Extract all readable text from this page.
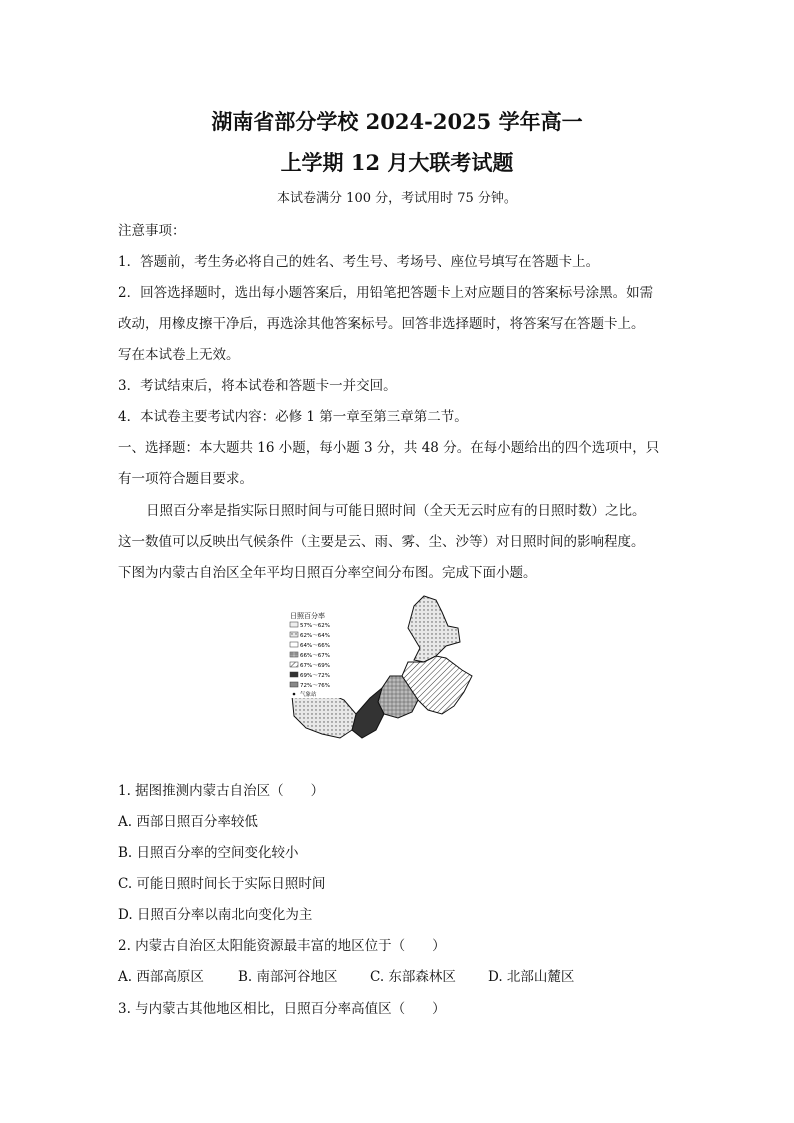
湖南省部分学校 2024-2025 学年高一
上学期 12 月大联考试题
本试卷满分 100 分，考试用时 75 分钟。
注意事项：
1．答题前，考生务必将自己的姓名、考生号、考场号、座位号填写在答题卡上。
2．回答选择题时，选出每小题答案后，用铅笔把答题卡上对应题目的答案标号涂黑。如需
改动，用橡皮擦干净后，再选涂其他答案标号。回答非选择题时，将答案写在答题卡上。
写在本试卷上无效。
3．考试结束后，将本试卷和答题卡一并交回。
4．本试卷主要考试内容：必修 1 第一章至第三章第二节。
一、选择题：本大题共 16 小题，每小题 3 分，共 48 分。在每小题给出的四个选项中，只
有一项符合题目要求。
日照百分率是指实际日照时间与可能日照时间（全天无云时应有的日照时数）之比。
这一数值可以反映出气候条件（主要是云、雨、雾、尘、沙等）对日照时间的影响程度。
下图为内蒙古自治区全年平均日照百分率空间分布图。完成下面小题。
日照百分率
57%～62%
62%～64%
64%～66%
66%～67%
67%～69%
69%～72%
72%～76%
气象站
1. 据图推测内蒙古自治区（　　）
A. 西部日照百分率较低
B. 日照百分率的空间变化较小
C. 可能日照时间长于实际日照时间
D. 日照百分率以南北向变化为主
2. 内蒙古自治区太阳能资源最丰富的地区位于（　　）
A. 西部高原区	B. 南部河谷地区 C. 东部森林区 D. 北部山麓区
3. 与内蒙古其他地区相比，日照百分率高值区（　　）
